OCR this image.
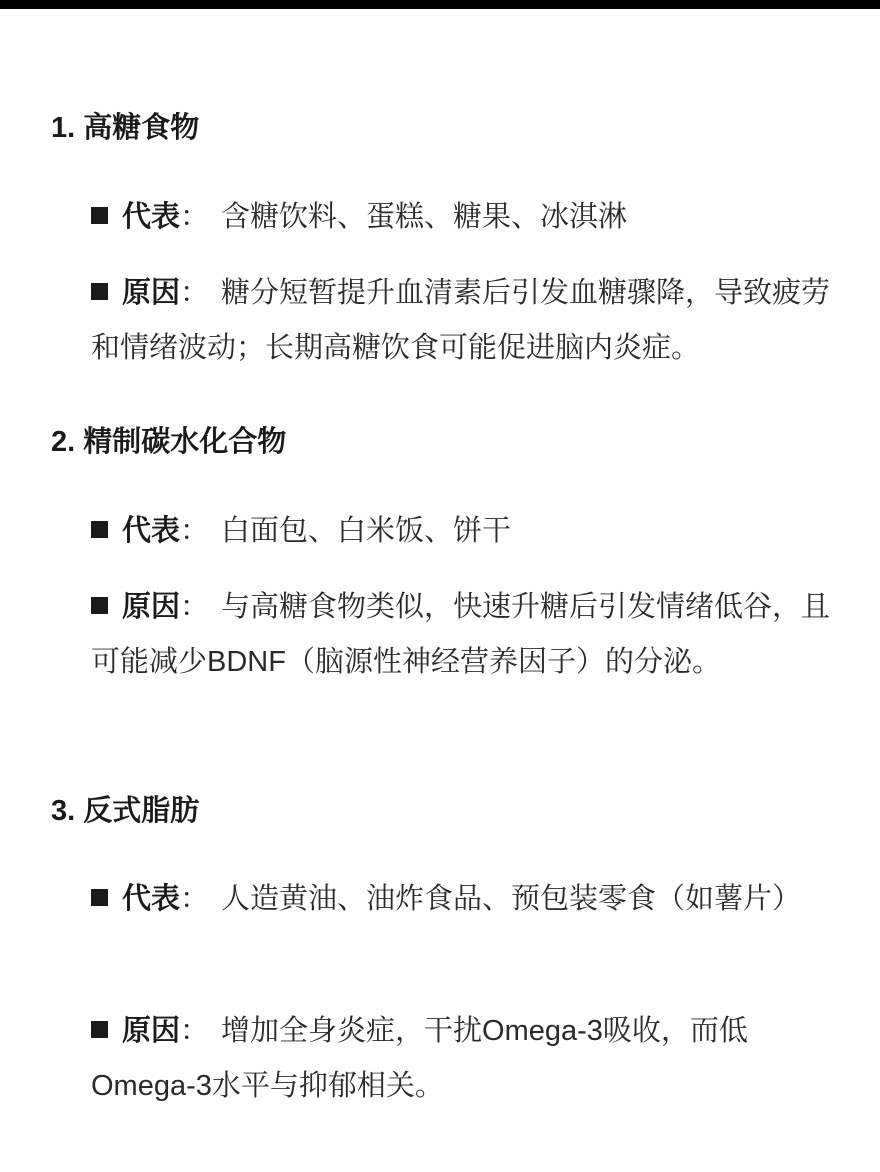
1. 高糖食物
代表： 含糖饮料、蛋糕、糖果、冰淇淋
原因： 糖分短暂提升血清素后引发血糖骤降，导致疲劳和情绪波动；长期高糖饮食可能促进脑内炎症。
2. 精制碳水化合物
代表： 白面包、白米饭、饼干
原因： 与高糖食物类似，快速升糖后引发情绪低谷，且可能减少BDNF（脑源性神经营养因子）的分泌。
3. 反式脂肪
代表： 人造黄油、油炸食品、预包装零食（如薯片）
原因： 增加全身炎症，干扰Omega-3吸收，而低Omega-3水平与抑郁相关。
